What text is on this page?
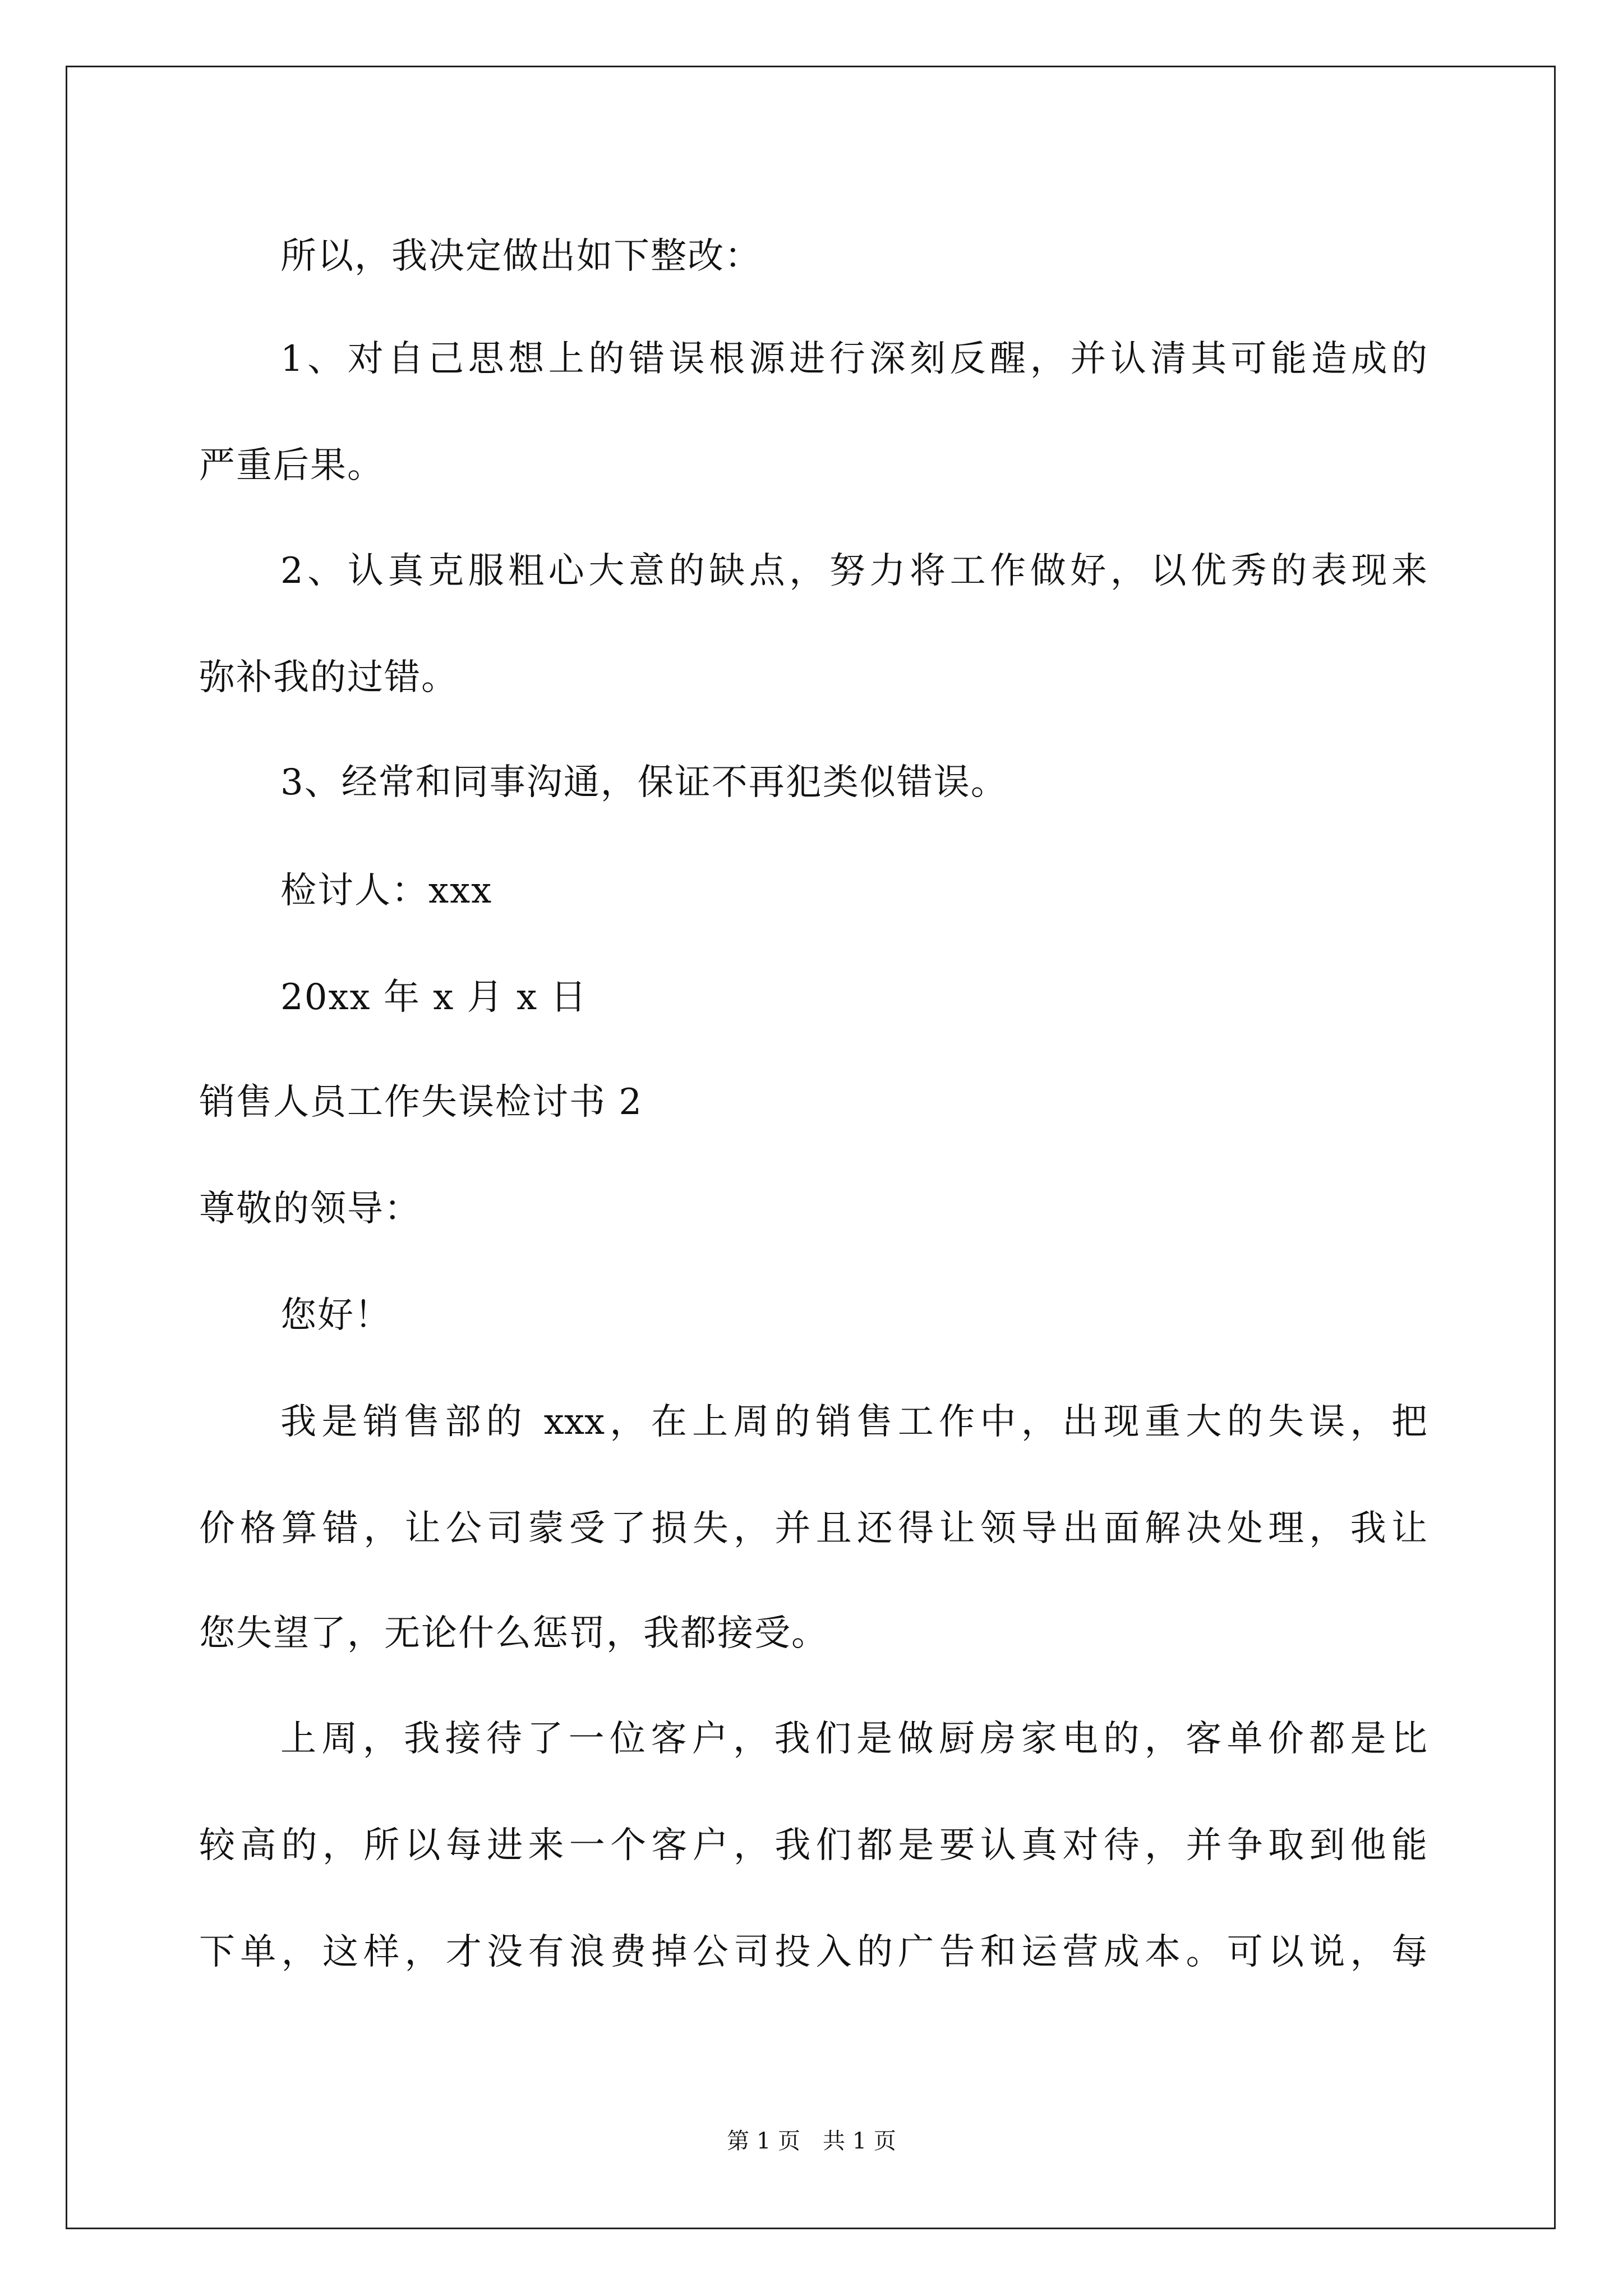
所以，我决定做出如下整改：
1、对自己思想上的错误根源进行深刻反醒，并认清其可能造成的
严重后果。
2、认真克服粗心大意的缺点，努力将工作做好，以优秀的表现来
弥补我的过错。
3、经常和同事沟通，保证不再犯类似错误。
检讨人：xxx
20xx 年 x 月 x 日
销售人员工作失误检讨书 2
尊敬的领导：
您好！
我是销售部的 xxx，在上周的销售工作中，出现重大的失误，把
价格算错，让公司蒙受了损失，并且还得让领导出面解决处理，我让
您失望了，无论什么惩罚，我都接受。
上周，我接待了一位客户，我们是做厨房家电的，客单价都是比
较高的，所以每进来一个客户，我们都是要认真对待，并争取到他能
下单，这样，才没有浪费掉公司投入的广告和运营成本。可以说，每
第 1 页　共 1 页
